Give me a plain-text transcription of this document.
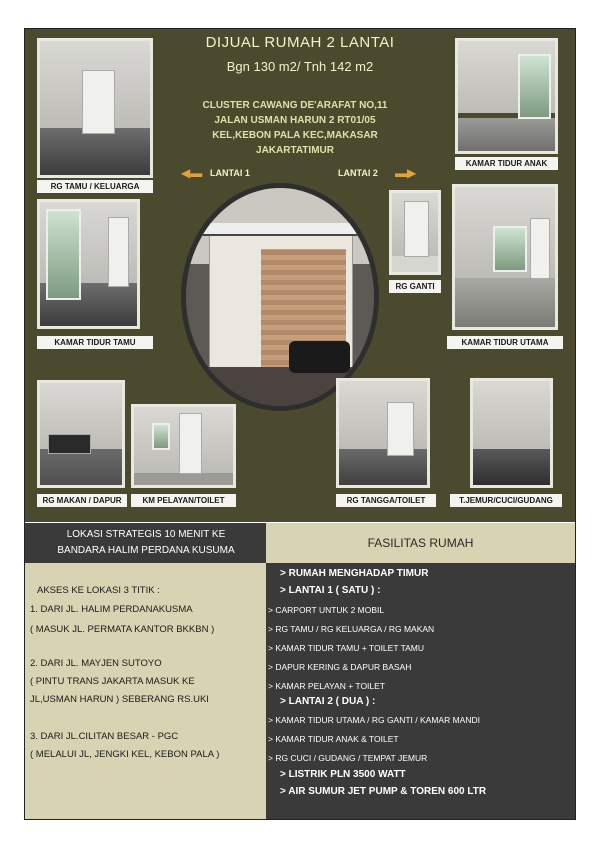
RG TAMU / KELUARGA
KAMAR TIDUR ANAK
DIJUAL RUMAH 2 LANTAI
Bgn 130 m2/ Tnh 142 m2
CLUSTER CAWANG DE'ARAFAT NO,11
JALAN USMAN HARUN 2 RT01/05
KEL,KEBON PALA KEC,MAKASAR
JAKARTATIMUR
◀▬ LANTAI 1	LANTAI 2 ▬▶
KAMAR TIDUR TAMU
RG GANTI
KAMAR TIDUR UTAMA
RG MAKAN / DAPUR	KM PELAYAN/TOILET	RG TANGGA/TOILET	T.JEMUR/CUCI/GUDANG
LOKASI STRATEGIS 10 MENIT KE
BANDARA HALIM PERDANA KUSUMA
FASILITAS RUMAH
AKSES KE LOKASI 3 TITIK :
1. DARI JL. HALIM PERDANAKUSMA
( MASUK JL. PERMATA KANTOR BKKBN )
2. DARI JL. MAYJEN SUTOYO
( PINTU TRANS JAKARTA MASUK KE
JL,USMAN HARUN ) SEBERANG RS.UKI
3. DARI JL.CILITAN BESAR - PGC
( MELALUI JL, JENGKI KEL, KEBON PALA )
> RUMAH MENGHADAP TIMUR
> LANTAI 1 ( SATU ) :
> CARPORT UNTUK 2 MOBIL
> RG TAMU / RG KELUARGA / RG MAKAN
> KAMAR TIDUR TAMU + TOILET TAMU
> DAPUR KERING & DAPUR BASAH
> KAMAR PELAYAN + TOILET
> LANTAI 2 ( DUA ) :
> KAMAR TIDUR UTAMA / RG GANTI / KAMAR MANDI
> KAMAR TIDUR ANAK & TOILET
> RG CUCI / GUDANG / TEMPAT JEMUR
> LISTRIK PLN 3500 WATT
> AIR SUMUR JET PUMP & TOREN 600 LTR
